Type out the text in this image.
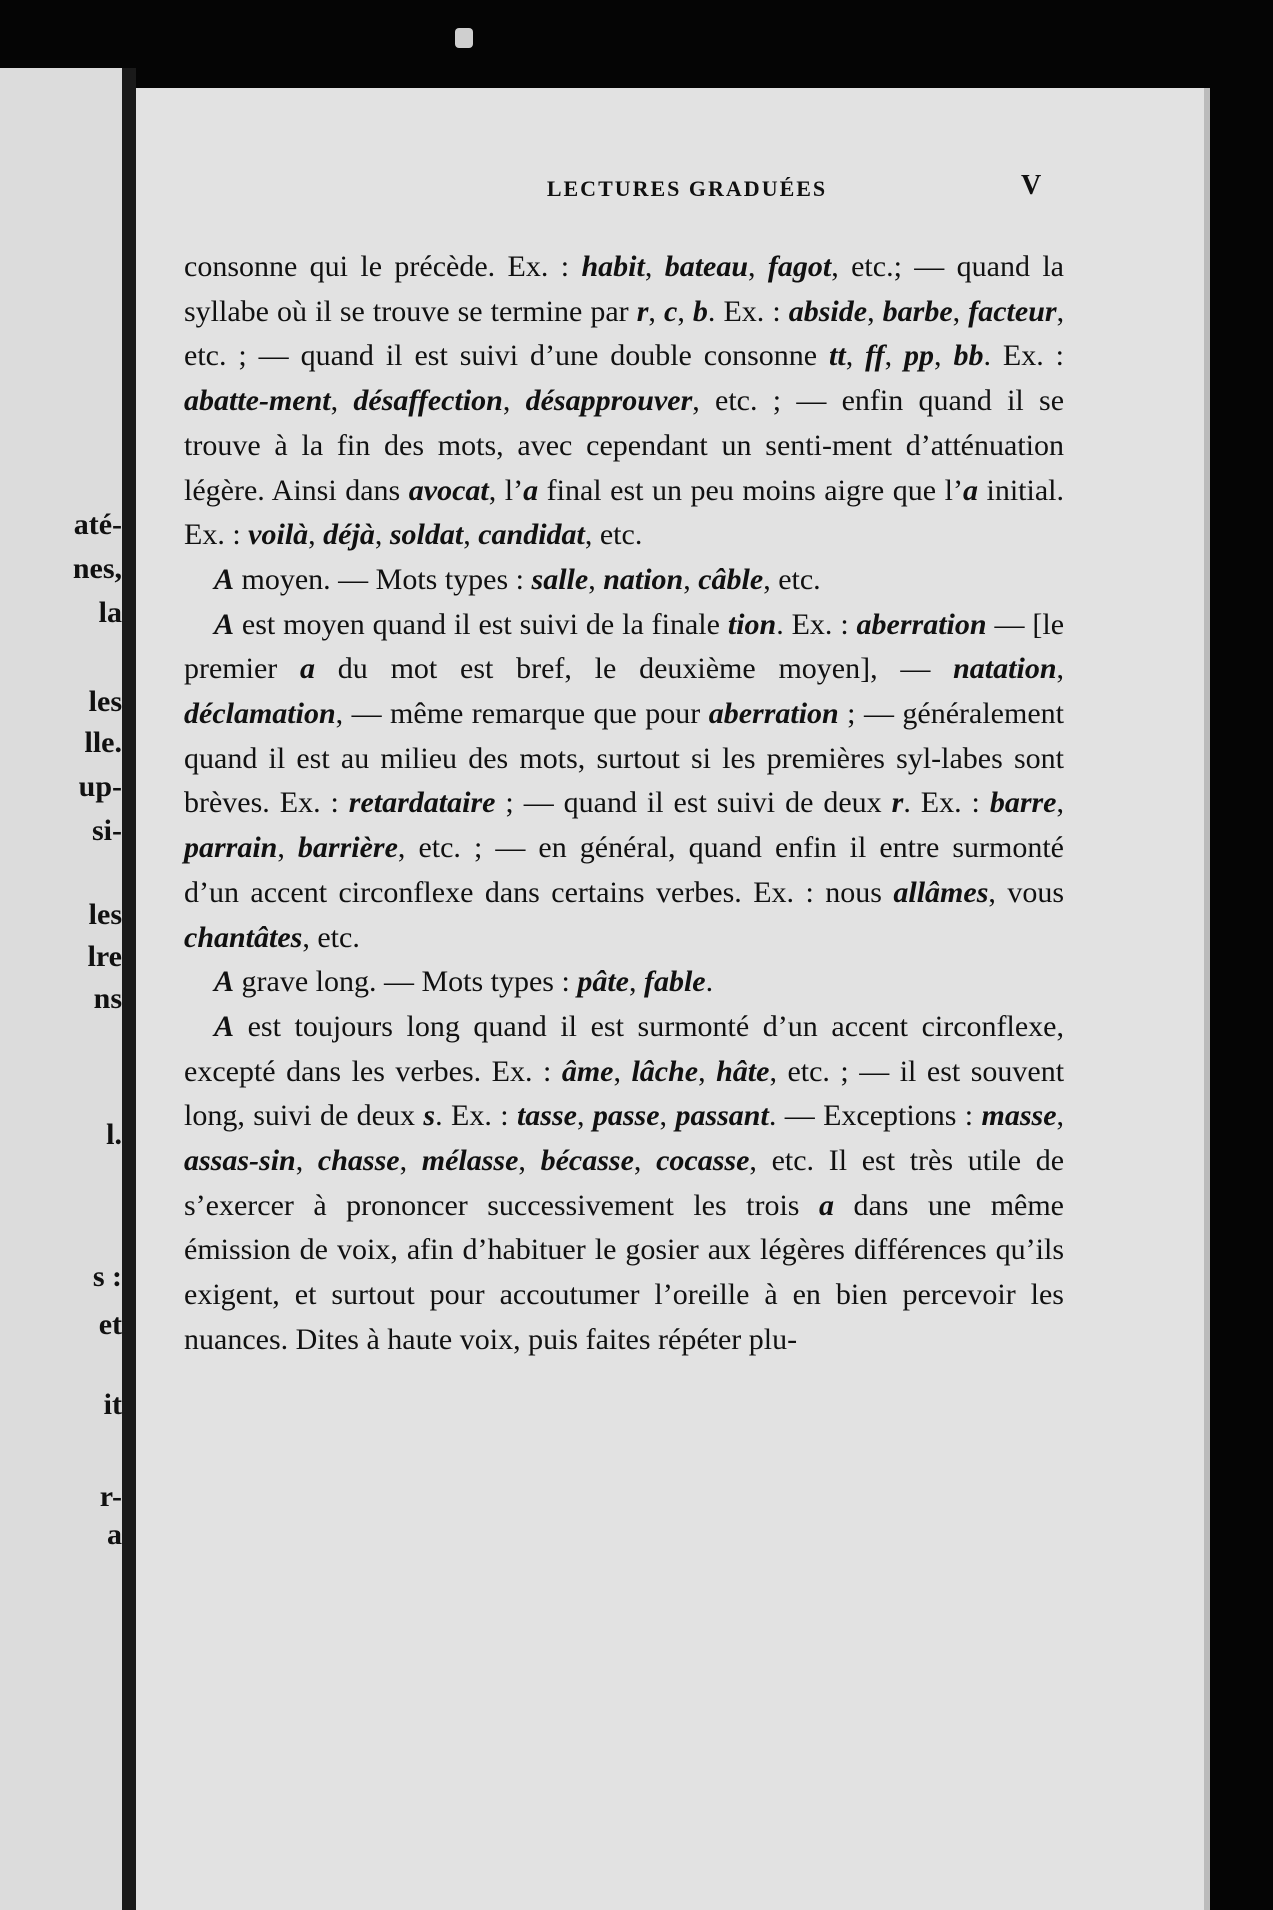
até-
nes,
la
les
lle.
up-
si-
les
lre
ns
l.
s :
et
it
r-
a
LECTURES GRADUÉES	V

consonne qui le précède. Ex. : habit, bateau, fagot, etc.; — quand la syllabe où il se trouve se termine par r, c, b. Ex. : abside, barbe, facteur, etc. ; — quand il est suivi d’une double consonne tt, ff, pp, bb. Ex. : abatte-ment, désaffection, désapprouver, etc. ; — enfin quand il se trouve à la fin des mots, avec cependant un senti-ment d’atténuation légère. Ainsi dans avocat, l’a final est un peu moins aigre que l’a initial. Ex. : voilà, déjà, soldat, candidat, etc.

A moyen. — Mots types : salle, nation, câble, etc.

A est moyen quand il est suivi de la finale tion. Ex. : aberration — [le premier a du mot est bref, le deuxième moyen], — natation, déclamation, — même remarque que pour aberration ; — généralement quand il est au milieu des mots, surtout si les premières syl-labes sont brèves. Ex. : retardataire ; — quand il est suivi de deux r. Ex. : barre, parrain, barrière, etc. ; — en général, quand enfin il entre surmonté d’un accent circonflexe dans certains verbes. Ex. : nous allâmes, vous chantâtes, etc.

A grave long. — Mots types : pâte, fable.

A est toujours long quand il est surmonté d’un accent circonflexe, excepté dans les verbes. Ex. : âme, lâche, hâte, etc. ; — il est souvent long, suivi de deux s. Ex. : tasse, passe, passant. — Exceptions : masse, assas-sin, chasse, mélasse, bécasse, cocasse, etc. Il est très utile de s’exercer à prononcer successivement les trois a dans une même émission de voix, afin d’habituer le gosier aux légères différences qu’ils exigent, et surtout pour accoutumer l’oreille à en bien percevoir les nuances. Dites à haute voix, puis faites répéter plu-
